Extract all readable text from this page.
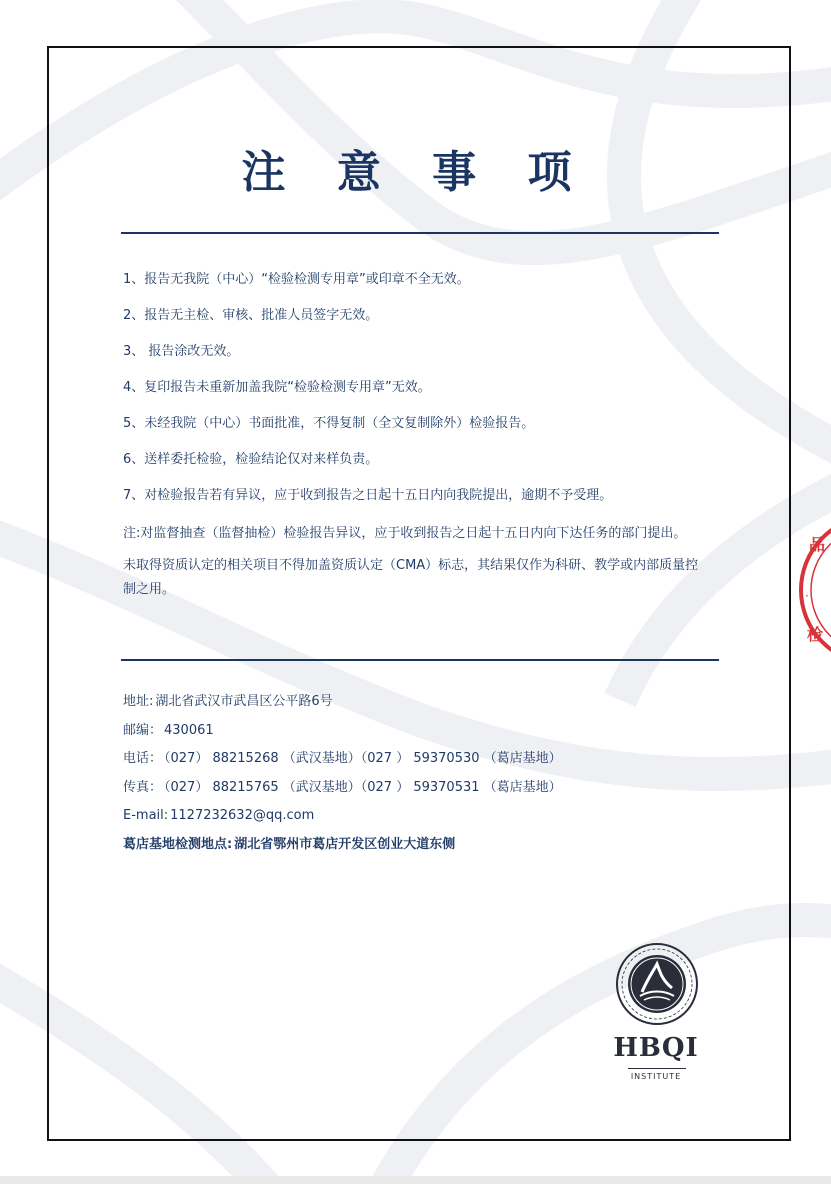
注 意 事 项

1、报告无我院（中心）“检验检测专用章”或印章不全无效。

2、报告无主检、审核、批准人员签字无效。

3、 报告涂改无效。

4、复印报告未重新加盖我院“检验检测专用章”无效。

5、未经我院（中心）书面批准，不得复制（全文复制除外）检验报告。

6、送样委托检验，检验结论仅对来样负责。

7、对检验报告若有异议，应于收到报告之日起十五日内向我院提出，逾期不予受理。

注:对监督抽查（监督抽检）检验报告异议，应于收到报告之日起十五日内向下达任务的部门提出。

未取得资质认定的相关项目不得加盖资质认定（CMA）标志，其结果仅作为科研、教学或内部质量控制之用。

地址: 湖北省武汉市武昌区公平路6号
邮编： 430061
电话： （027） 88215268 （武汉基地）（027 ） 59370530 （葛店基地）
传真： （027） 88215765 （武汉基地）（027 ） 59370531 （葛店基地）
E-mail: 1127232632@qq.com
葛店基地检测地点: 湖北省鄂州市葛店开发区创业大道东侧
HBQI
INSTITUTE
品
检
·
